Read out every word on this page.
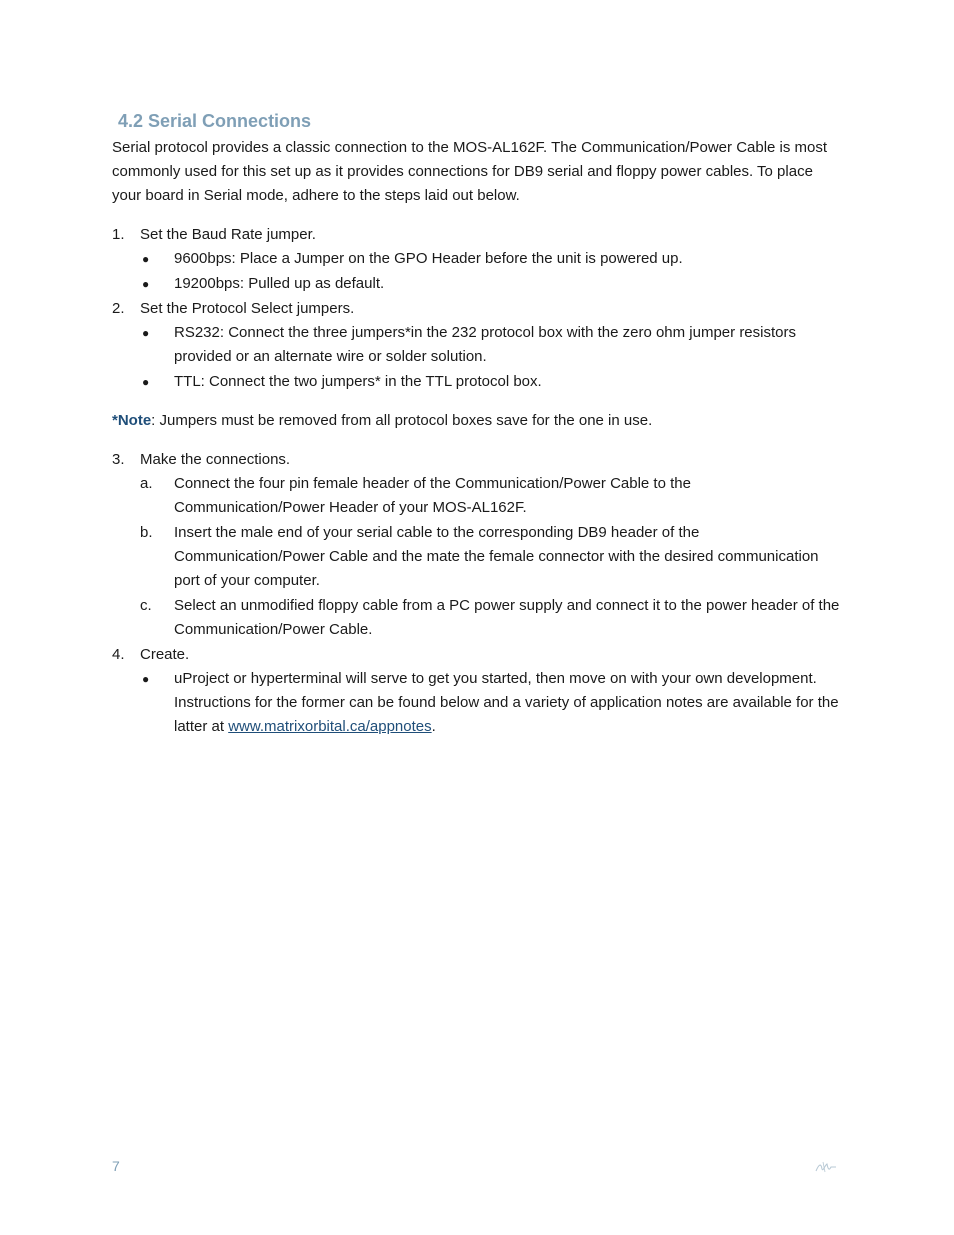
4.2 Serial Connections
Serial protocol provides a classic connection to the MOS-AL162F. The Communication/Power Cable is most commonly used for this set up as it provides connections for DB9 serial and floppy power cables. To place your board in Serial mode, adhere to the steps laid out below.
1.	Set the Baud Rate jumper.
●	9600bps: Place a Jumper on the GPO Header before the unit is powered up.
●	19200bps: Pulled up as default.
2.	Set the Protocol Select jumpers.
●	RS232: Connect the three jumpers*in the 232 protocol box with the zero ohm jumper resistors provided or an alternate wire or solder solution.
●	TTL: Connect the two jumpers* in the TTL protocol box.
*Note: Jumpers must be removed from all protocol boxes save for the one in use.
3.	Make the connections.
a.	Connect the four pin female header of the Communication/Power Cable to the Communication/Power Header of your MOS-AL162F.
b.	Insert the male end of your serial cable to the corresponding DB9 header of the Communication/Power Cable and the mate the female connector with the desired communication port of your computer.
c.	Select an unmodified floppy cable from a PC power supply and connect it to the power header of the Communication/Power Cable.
4.	Create.
●	uProject or hyperterminal will serve to get you started, then move on with your own development. Instructions for the former can be found below and a variety of application notes are available for the latter at www.matrixorbital.ca/appnotes.
7
